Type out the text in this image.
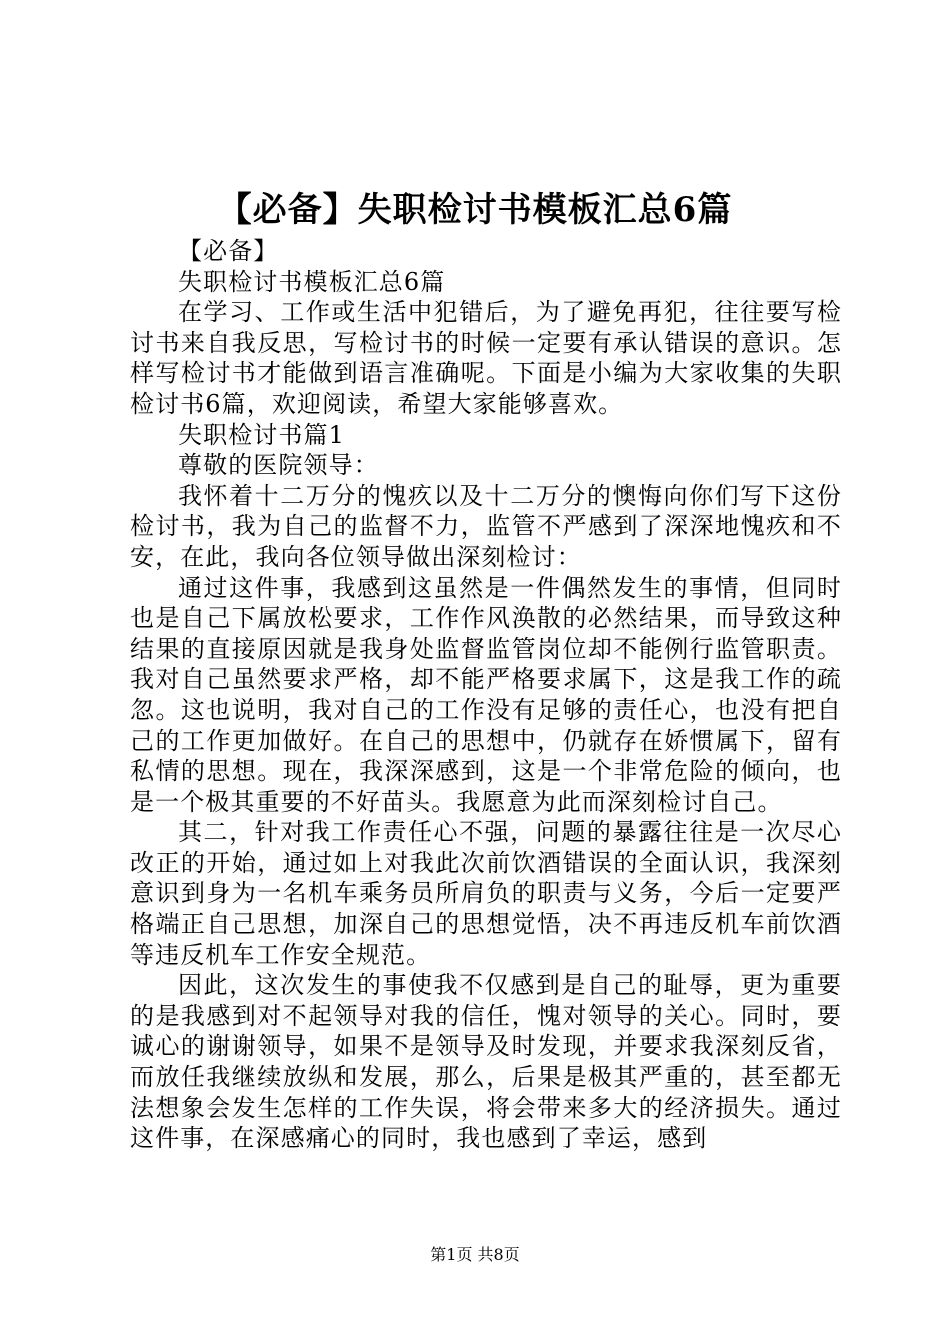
【必备】失职检讨书模板汇总6篇

【必备】

失职检讨书模板汇总6篇

在学习、工作或生活中犯错后，为了避免再犯，往往要写检讨书来自我反思，写检讨书的时候一定要有承认错误的意识。怎样写检讨书才能做到语言准确呢。下面是小编为大家收集的失职检讨书6篇，欢迎阅读，希望大家能够喜欢。

失职检讨书篇1

尊敬的医院领导：

我怀着十二万分的愧疚以及十二万分的懊悔向你们写下这份检讨书，我为自己的监督不力，监管不严感到了深深地愧疚和不安，在此，我向各位领导做出深刻检讨：

通过这件事，我感到这虽然是一件偶然发生的事情，但同时也是自己下属放松要求，工作作风涣散的必然结果，而导致这种结果的直接原因就是我身处监督监管岗位却不能例行监管职责。我对自己虽然要求严格，却不能严格要求属下，这是我工作的疏忽。这也说明，我对自己的工作没有足够的责任心，也没有把自己的工作更加做好。在自己的思想中，仍就存在娇惯属下，留有私情的思想。现在，我深深感到，这是一个非常危险的倾向，也是一个极其重要的不好苗头。我愿意为此而深刻检讨自己。

其二，针对我工作责任心不强，问题的暴露往往是一次尽心改正的开始，通过如上对我此次前饮酒错误的全面认识，我深刻意识到身为一名机车乘务员所肩负的职责与义务，今后一定要严格端正自己思想，加深自己的思想觉悟，决不再违反机车前饮酒等违反机车工作安全规范。

因此，这次发生的事使我不仅感到是自己的耻辱，更为重要的是我感到对不起领导对我的信任，愧对领导的关心。同时，要诚心的谢谢领导，如果不是领导及时发现，并要求我深刻反省，而放任我继续放纵和发展，那么，后果是极其严重的，甚至都无法想象会发生怎样的工作失误，将会带来多大的经济损失。通过这件事，在深感痛心的同时，我也感到了幸运，感到

第1页 共8页
